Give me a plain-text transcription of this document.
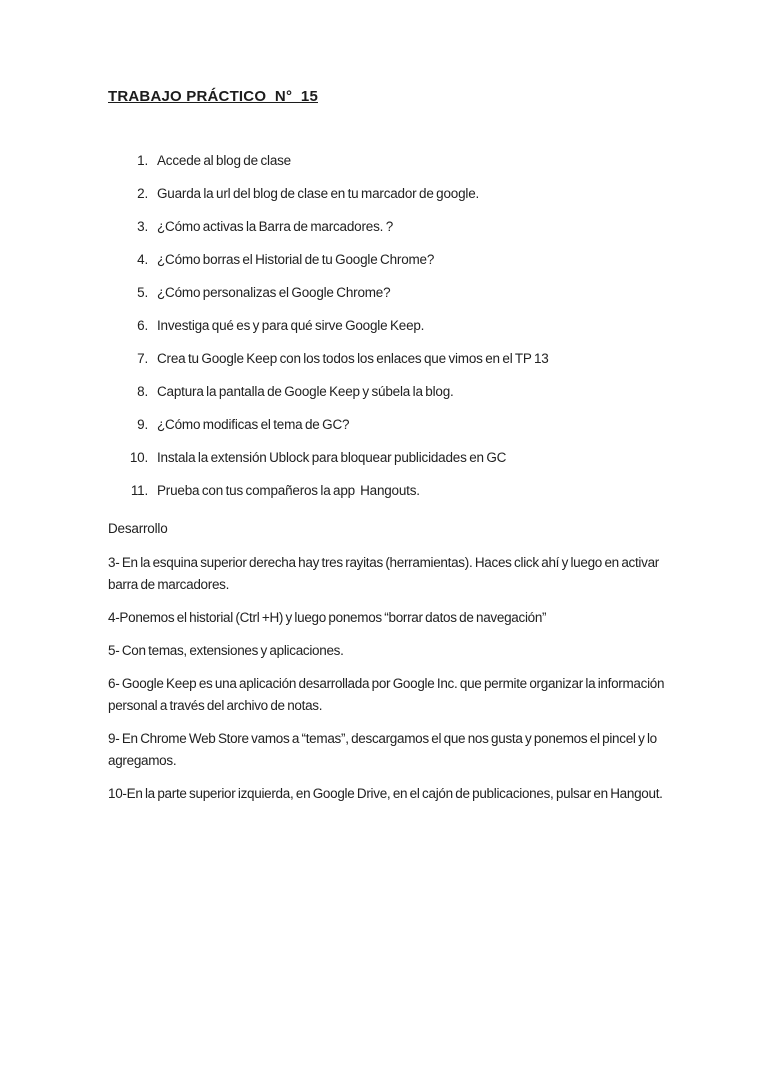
TRABAJO PRÁCTICO  N°  15
1. Accede al blog de clase
2. Guarda la url del blog de clase en tu marcador de google.
3. ¿Cómo activas la Barra de marcadores. ?
4. ¿Cómo borras el Historial de tu Google Chrome?
5. ¿Cómo personalizas el Google Chrome?
6. Investiga qué es y para qué sirve Google Keep.
7. Crea tu Google Keep con los todos los enlaces que vimos en el TP 13
8. Captura la pantalla de Google Keep y súbela la blog.
9. ¿Cómo modificas el tema de GC?
10. Instala la extensión Ublock para bloquear publicidades en GC
11. Prueba con tus compañeros la app  Hangouts.

Desarrollo

3- En la esquina superior derecha hay tres rayitas (herramientas). Haces click ahí y luego en activar barra de marcadores.

4-Ponemos el historial (Ctrl +H) y luego ponemos “borrar datos de navegación”

5- Con temas, extensiones y aplicaciones.

6- Google Keep es una aplicación desarrollada por Google Inc. que permite organizar la información personal a través del archivo de notas.

9- En Chrome Web Store vamos a “temas”, descargamos el que nos gusta y ponemos el pincel y lo agregamos.

10-En la parte superior izquierda, en Google Drive, en el cajón de publicaciones, pulsar en Hangout.
